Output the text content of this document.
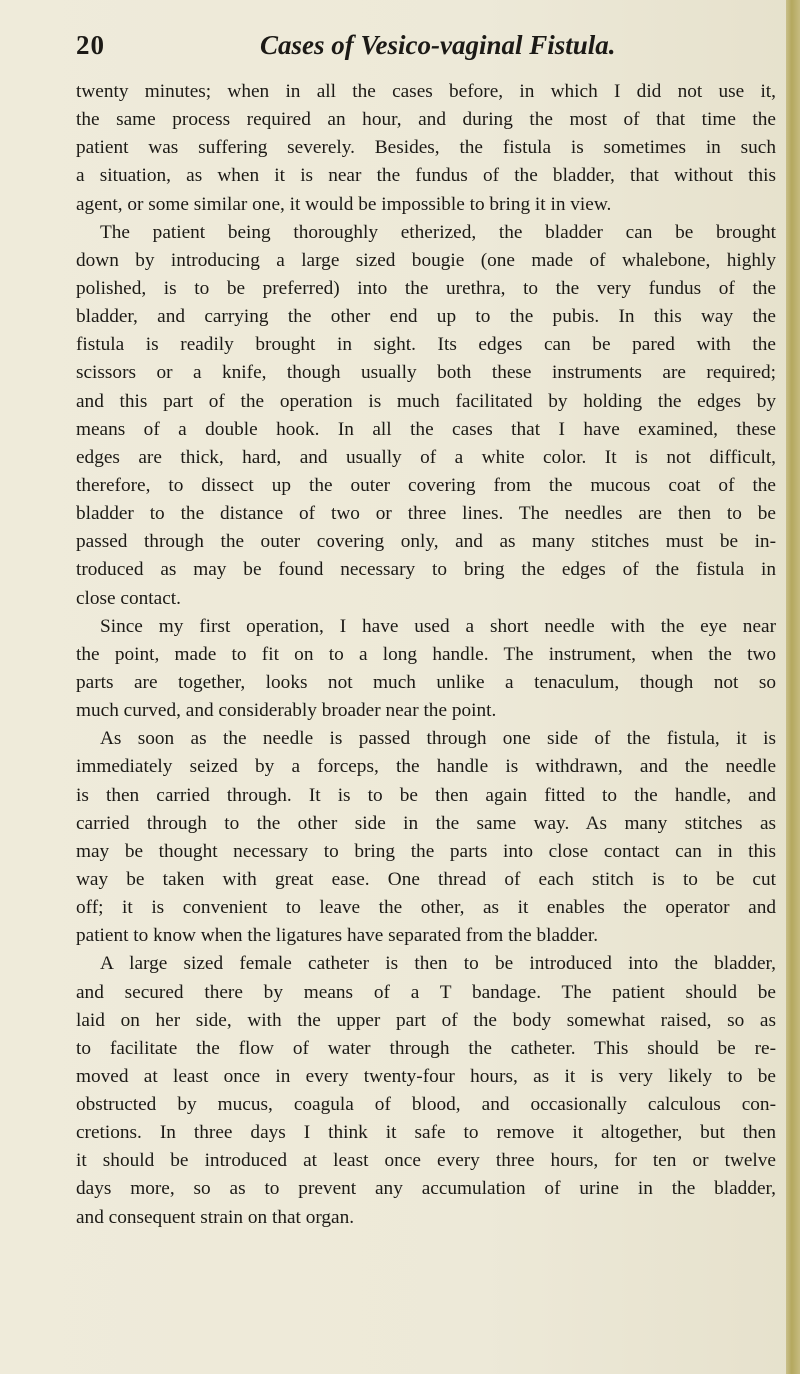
20	Cases of Vesico-vaginal Fistula.
twenty minutes; when in all the cases before, in which I did not use it,
the same process required an hour, and during the most of that time the
patient was suffering severely. Besides, the fistula is sometimes in such
a situation, as when it is near the fundus of the bladder, that without this
agent, or some similar one, it would be impossible to bring it in view.
The patient being thoroughly etherized, the bladder can be brought
down by introducing a large sized bougie (one made of whalebone, highly
polished, is to be preferred) into the urethra, to the very fundus of the
bladder, and carrying the other end up to the pubis. In this way the
fistula is readily brought in sight. Its edges can be pared with the
scissors or a knife, though usually both these instruments are required;
and this part of the operation is much facilitated by holding the edges by
means of a double hook. In all the cases that I have examined, these
edges are thick, hard, and usually of a white color. It is not difficult,
therefore, to dissect up the outer covering from the mucous coat of the
bladder to the distance of two or three lines. The needles are then to be
passed through the outer covering only, and as many stitches must be in-
troduced as may be found necessary to bring the edges of the fistula in
close contact.
Since my first operation, I have used a short needle with the eye near
the point, made to fit on to a long handle. The instrument, when the two
parts are together, looks not much unlike a tenaculum, though not so
much curved, and considerably broader near the point.
As soon as the needle is passed through one side of the fistula, it is
immediately seized by a forceps, the handle is withdrawn, and the needle
is then carried through. It is to be then again fitted to the handle, and
carried through to the other side in the same way. As many stitches as
may be thought necessary to bring the parts into close contact can in this
way be taken with great ease. One thread of each stitch is to be cut
off; it is convenient to leave the other, as it enables the operator and
patient to know when the ligatures have separated from the bladder.
A large sized female catheter is then to be introduced into the bladder,
and secured there by means of a T bandage. The patient should be
laid on her side, with the upper part of the body somewhat raised, so as
to facilitate the flow of water through the catheter. This should be re-
moved at least once in every twenty-four hours, as it is very likely to be
obstructed by mucus, coagula of blood, and occasionally calculous con-
cretions. In three days I think it safe to remove it altogether, but then
it should be introduced at least once every three hours, for ten or twelve
days more, so as to prevent any accumulation of urine in the bladder,
and consequent strain on that organ.
